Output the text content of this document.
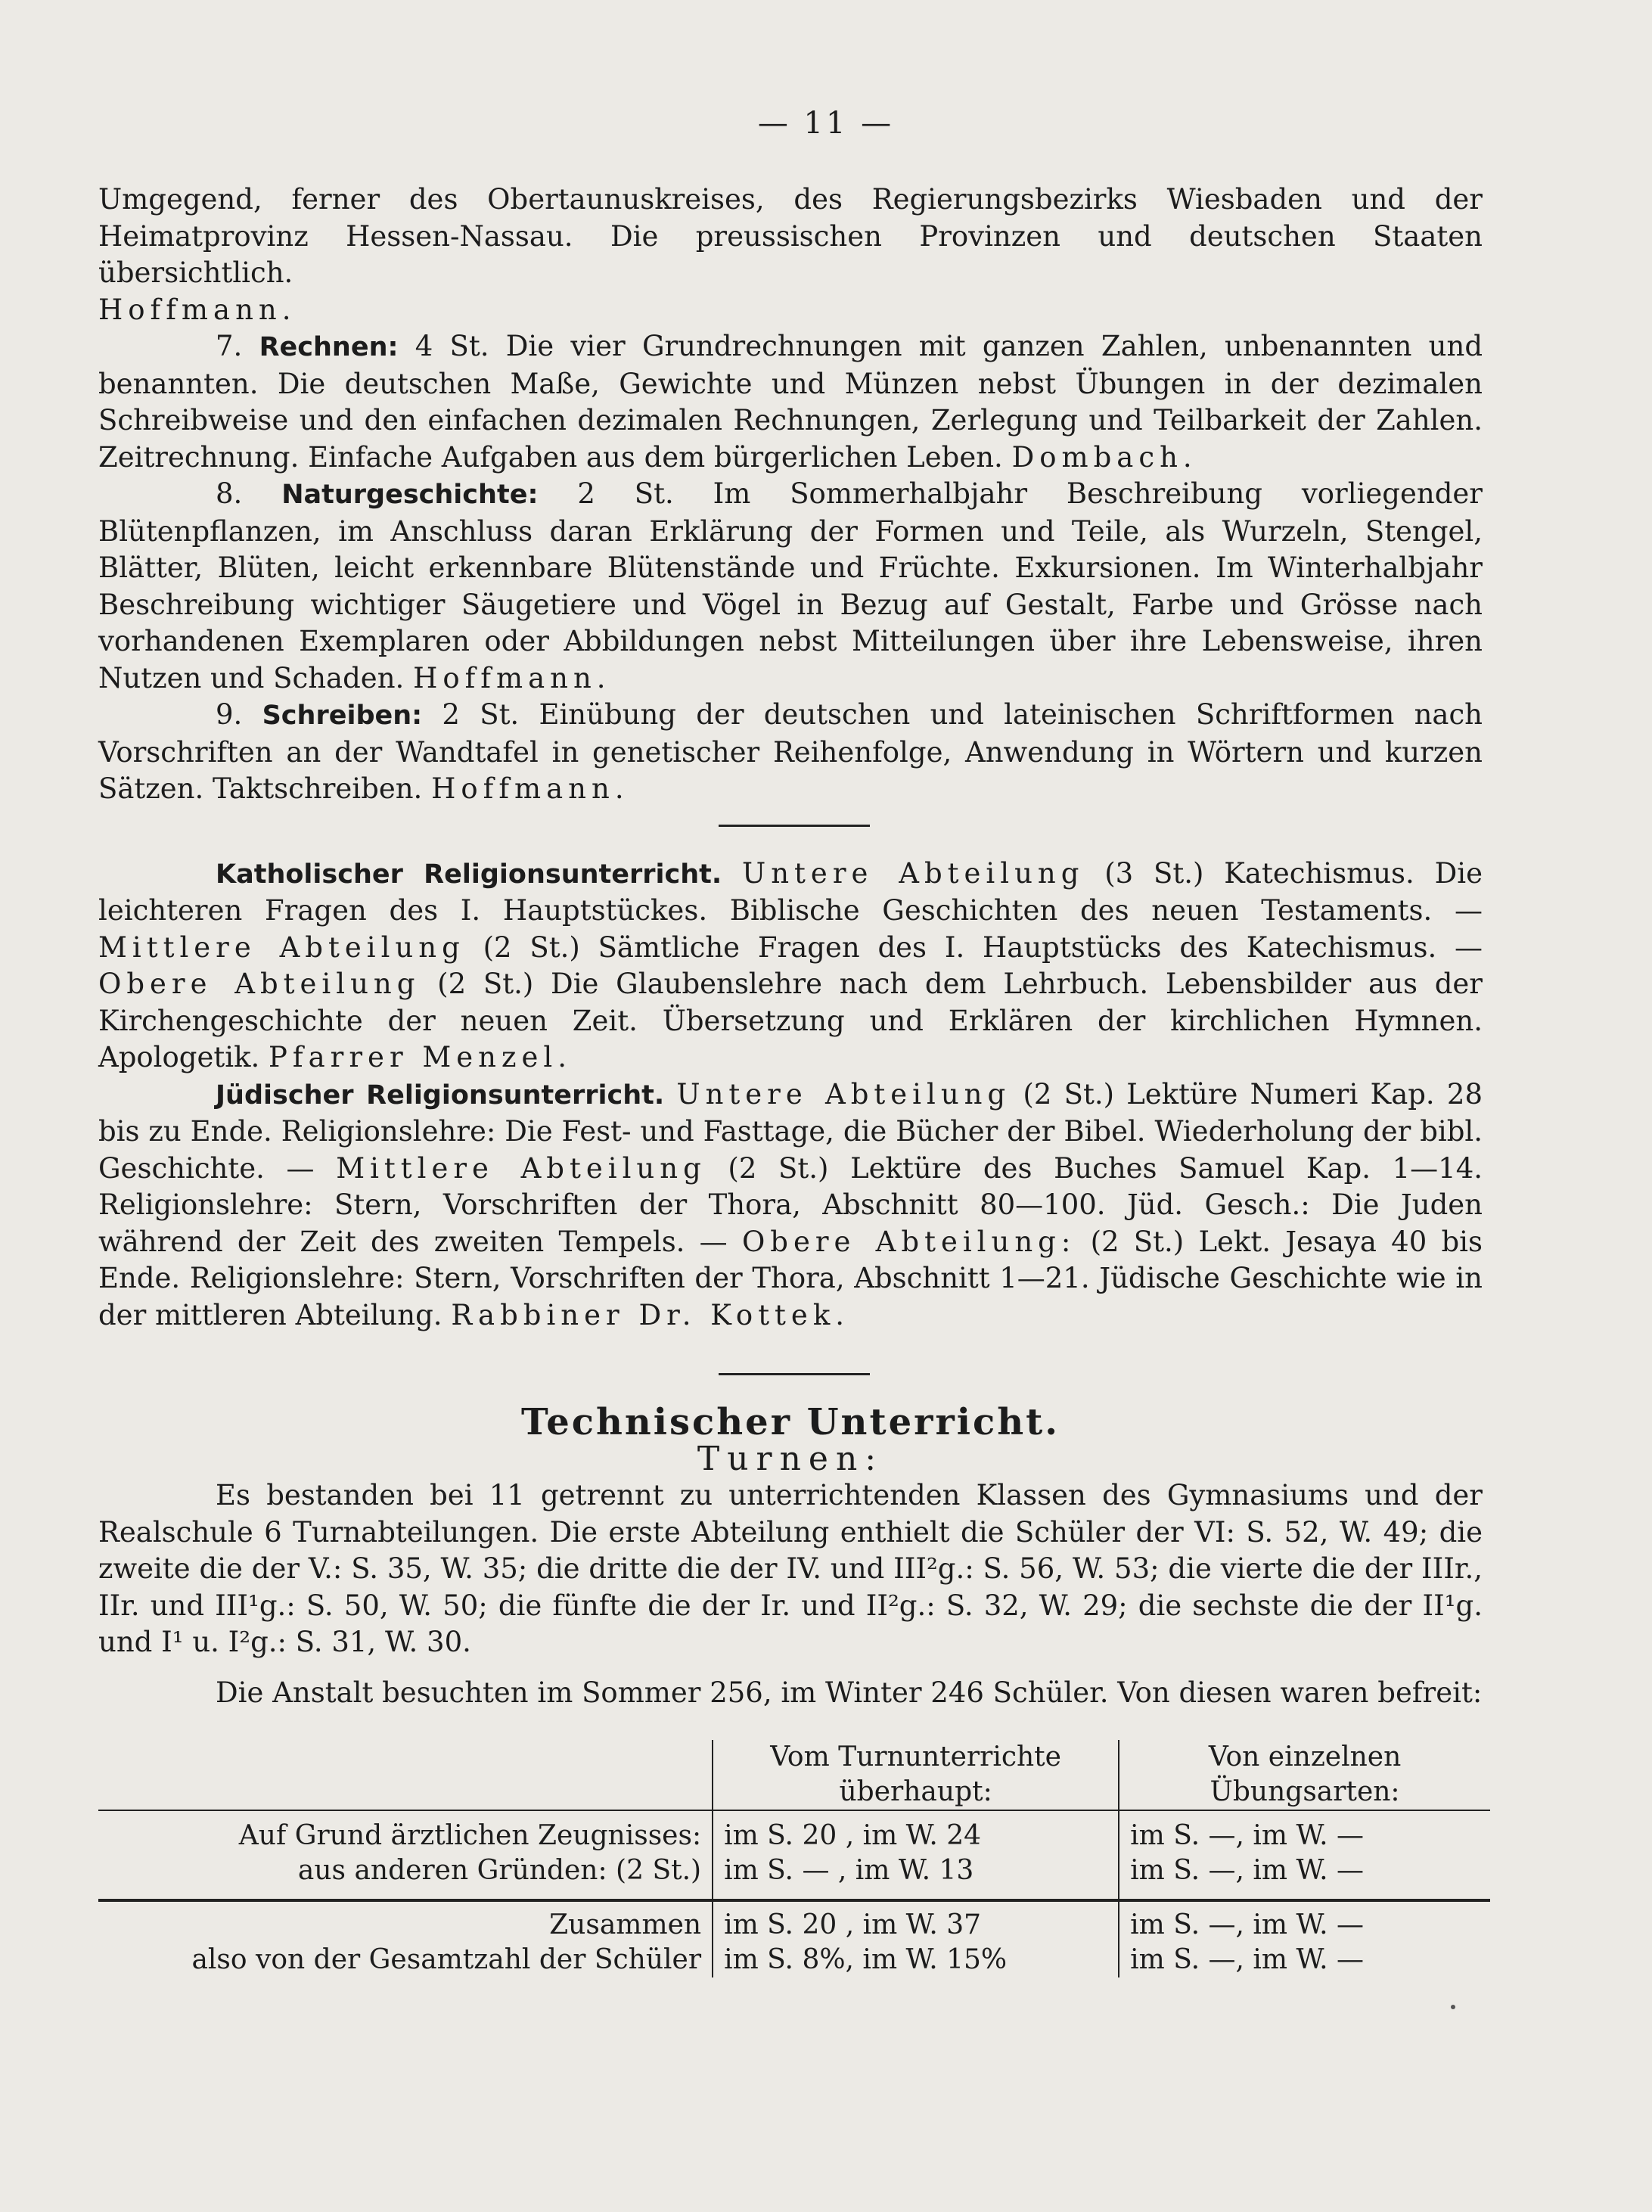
— 11 —

Umgegend, ferner des Obertaunuskreises, des Regierungsbezirks Wiesbaden und der Heimatprovinz Hessen-Nassau. Die preussischen Provinzen und deutschen Staaten übersichtlich.
Hoffmann.

7. Rechnen: 4 St. Die vier Grundrechnungen mit ganzen Zahlen, unbenannten und benannten. Die deutschen Maße, Gewichte und Münzen nebst Übungen in der dezimalen Schreibweise und den einfachen dezimalen Rechnungen, Zerlegung und Teilbarkeit der Zahlen. Zeitrechnung. Einfache Aufgaben aus dem bürgerlichen Leben. Dombach.

8. Naturgeschichte: 2 St. Im Sommerhalbjahr Beschreibung vorliegender Blütenpflanzen, im Anschluss daran Erklärung der Formen und Teile, als Wurzeln, Stengel, Blätter, Blüten, leicht erkennbare Blütenstände und Früchte. Exkursionen. Im Winterhalbjahr Beschreibung wichtiger Säugetiere und Vögel in Bezug auf Gestalt, Farbe und Grösse nach vorhandenen Exemplaren oder Abbildungen nebst Mitteilungen über ihre Lebensweise, ihren Nutzen und Schaden. Hoffmann.

9. Schreiben: 2 St. Einübung der deutschen und lateinischen Schriftformen nach Vorschriften an der Wandtafel in genetischer Reihenfolge, Anwendung in Wörtern und kurzen Sätzen. Taktschreiben. Hoffmann.

Katholischer Religionsunterricht. Untere Abteilung (3 St.) Katechismus. Die leichteren Fragen des I. Hauptstückes. Biblische Geschichten des neuen Testaments. — Mittlere Abteilung (2 St.) Sämtliche Fragen des I. Hauptstücks des Katechismus. — Obere Abteilung (2 St.) Die Glaubenslehre nach dem Lehrbuch. Lebensbilder aus der Kirchengeschichte der neuen Zeit. Übersetzung und Erklären der kirchlichen Hymnen. Apologetik. Pfarrer Menzel.

Jüdischer Religionsunterricht. Untere Abteilung (2 St.) Lektüre Numeri Kap. 28 bis zu Ende. Religionslehre: Die Fest- und Fasttage, die Bücher der Bibel. Wiederholung der bibl. Geschichte. — Mittlere Abteilung (2 St.) Lektüre des Buches Samuel Kap. 1—14. Religionslehre: Stern, Vorschriften der Thora, Abschnitt 80—100. Jüd. Gesch.: Die Juden während der Zeit des zweiten Tempels. — Obere Abteilung: (2 St.) Lekt. Jesaya 40 bis Ende. Religionslehre: Stern, Vorschriften der Thora, Abschnitt 1—21. Jüdische Geschichte wie in der mittleren Abteilung. Rabbiner Dr. Kottek.

Technischer Unterricht.

Turnen:

Es bestanden bei 11 getrennt zu unterrichtenden Klassen des Gymnasiums und der Realschule 6 Turnabteilungen. Die erste Abteilung enthielt die Schüler der VI: S. 52, W. 49; die zweite die der V.: S. 35, W. 35; die dritte die der IV. und III²g.: S. 56, W. 53; die vierte die der IIIr., IIr. und III¹g.: S. 50, W. 50; die fünfte die der Ir. und II²g.: S. 32, W. 29; die sechste die der II¹g. und I¹ u. I²g.: S. 31, W. 30.

Die Anstalt besuchten im Sommer 256, im Winter 246 Schüler. Von diesen waren befreit:

	Vom Turnunterrichte überhaupt:	Von einzelnen Übungsarten:
Auf Grund ärztlichen Zeugnisses:	im S. 20 , im W. 24	im S. —, im W. —
aus anderen Gründen: (2 St.)	im S. — , im W. 13	im S. —, im W. —
Zusammen	im S. 20 , im W. 37	im S. —, im W. —
also von der Gesamtzahl der Schüler	im S. 8%, im W. 15%	im S. —, im W. —
